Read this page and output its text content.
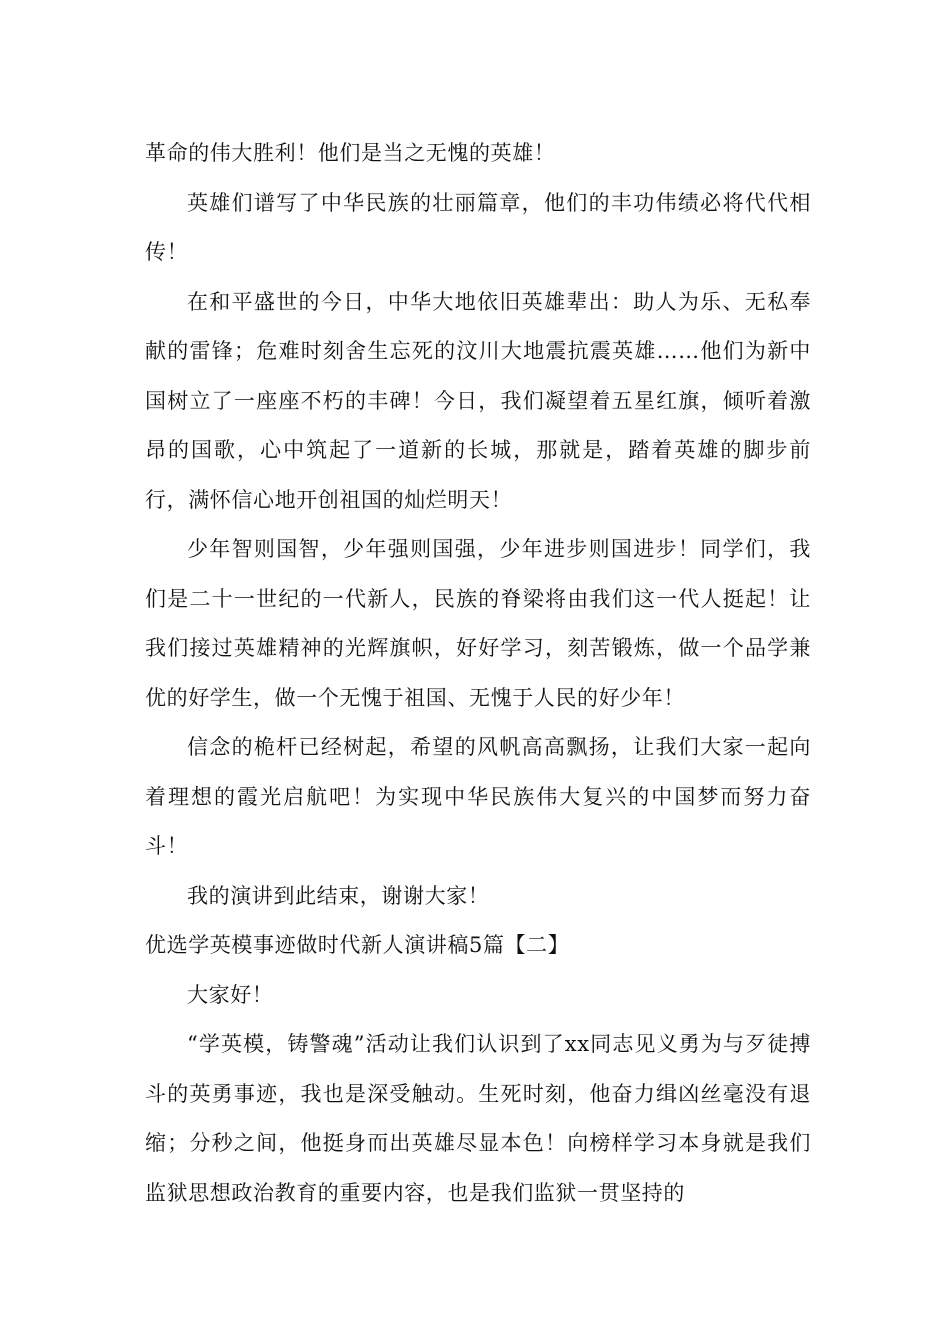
革命的伟大胜利！他们是当之无愧的英雄！

英雄们谱写了中华民族的壮丽篇章，他们的丰功伟绩必将代代相传！

在和平盛世的今日，中华大地依旧英雄辈出：助人为乐、无私奉献的雷锋；危难时刻舍生忘死的汶川大地震抗震英雄……他们为新中国树立了一座座不朽的丰碑！今日，我们凝望着五星红旗，倾听着激昂的国歌，心中筑起了一道新的长城，那就是，踏着英雄的脚步前行，满怀信心地开创祖国的灿烂明天！

少年智则国智，少年强则国强，少年进步则国进步！同学们，我们是二十一世纪的一代新人，民族的脊梁将由我们这一代人挺起！让我们接过英雄精神的光辉旗帜，好好学习，刻苦锻炼，做一个品学兼优的好学生，做一个无愧于祖国、无愧于人民的好少年！

信念的桅杆已经树起，希望的风帆高高飘扬，让我们大家一起向着理想的霞光启航吧！为实现中华民族伟大复兴的中国梦而努力奋斗！

我的演讲到此结束，谢谢大家！

优选学英模事迹做时代新人演讲稿5篇【二】

大家好！

“学英模，铸警魂”活动让我们认识到了xx同志见义勇为与歹徒搏斗的英勇事迹，我也是深受触动。生死时刻，他奋力缉凶丝毫没有退缩；分秒之间，他挺身而出英雄尽显本色！向榜样学习本身就是我们监狱思想政治教育的重要内容，也是我们监狱一贯坚持的
